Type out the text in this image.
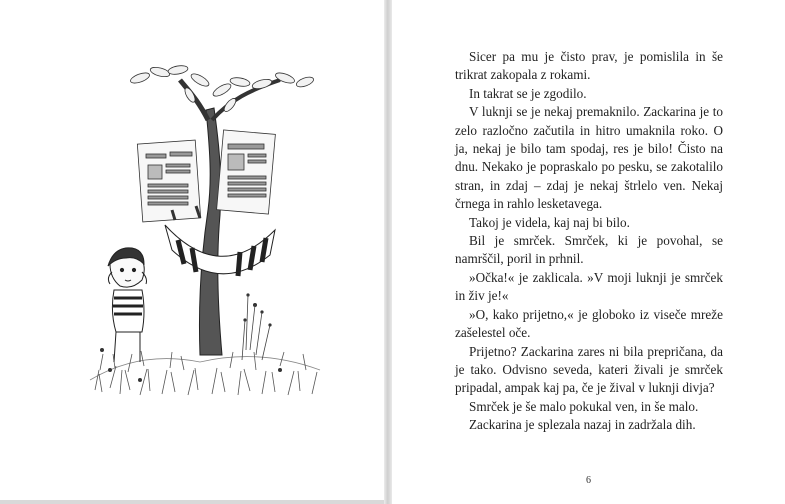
Sicer pa mu je čisto prav, je pomislila in še trikrat zakopala z rokami.

In takrat se je zgodilo.

V luknji se je nekaj premaknilo. Zackarina je to zelo razločno začutila in hitro umaknila roko. O ja, nekaj je bilo tam spodaj, res je bilo! Čisto na dnu. Nekako je popraskalo po pesku, se zakotalilo stran, in zdaj – zdaj je nekaj štrlelo ven. Nekaj črnega in rahlo lesketavega.

Takoj je videla, kaj naj bi bilo.

Bil je smrček. Smrček, ki je povohal, se namrščil, poril in prhnil.

»Očka!« je zaklicala. »V moji luknji je smrček in živ je!«

»O, kako prijetno,« je globoko iz viseče mreže zašelestel oče.

Prijetno? Zackarina zares ni bila prepričana, da je tako. Odvisno seveda, kateri živali je smrček pripadal, ampak kaj pa, če je žival v luknji divja?

Smrček je še malo pokukal ven, in še malo.

Zackarina je splezala nazaj in zadržala dih.

6
